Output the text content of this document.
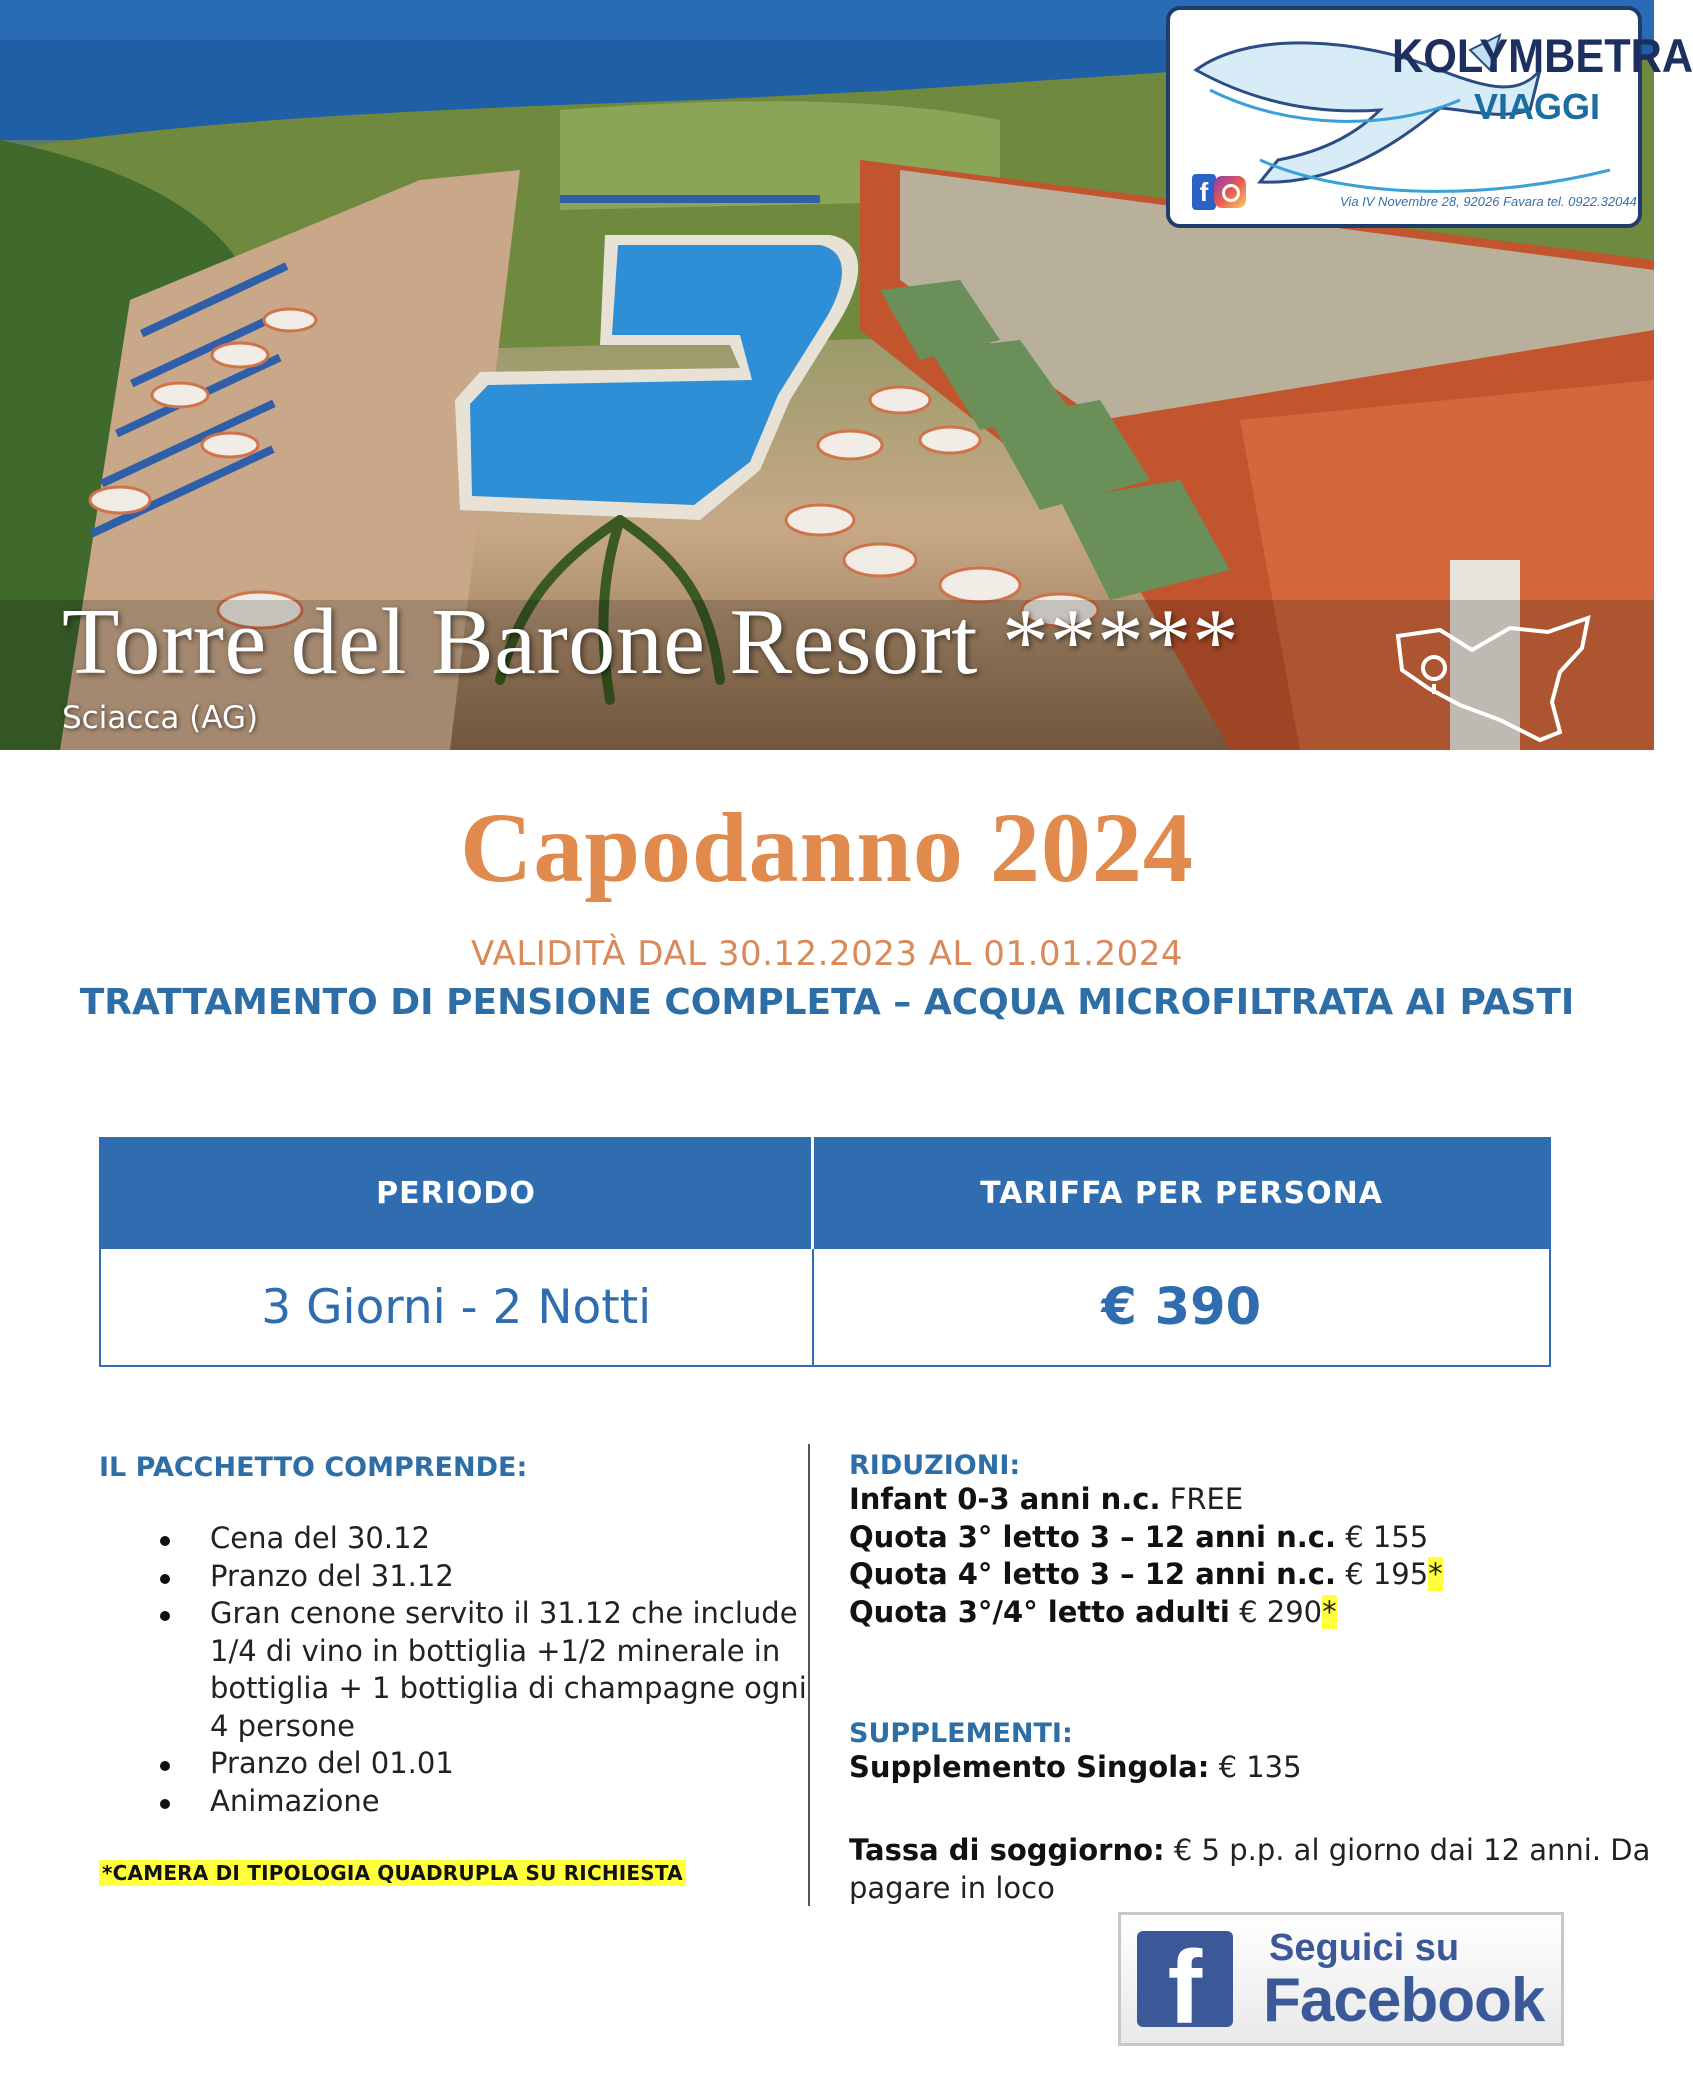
Torre del Barone Resort *****
Sciacca (AG)
KOLYMBETRA
VIAGGI
f	Via IV Novembre 28, 92026 Favara tel. 0922.32044
Capodanno 2024
VALIDITÀ DAL 30.12.2023 AL 01.01.2024
TRATTAMENTO DI PENSIONE COMPLETA – ACQUA MICROFILTRATA AI PASTI
PERIODO	TARIFFA PER PERSONA
3 Giorni - 2 Notti	€ 390
IL PACCHETTO COMPRENDE:
Cena del 30.12
Pranzo del 31.12
Gran cenone servito il 31.12 che include 1/4 di vino in bottiglia +1/2 minerale in bottiglia + 1 bottiglia di champagne ogni 4 persone
Pranzo del 01.01
Animazione
*CAMERA DI TIPOLOGIA QUADRUPLA SU RICHIESTA
RIDUZIONI:
Infant 0-3 anni n.c. FREE
Quota 3° letto 3 – 12 anni n.c. € 155
Quota 4° letto 3 – 12 anni n.c. € 195*
Quota 3°/4° letto adulti € 290*
SUPPLEMENTI:
Supplemento Singola: € 135
Tassa di soggiorno: € 5 p.p. al giorno dai 12 anni. Da
pagare in loco
f	Seguici su
Facebook
